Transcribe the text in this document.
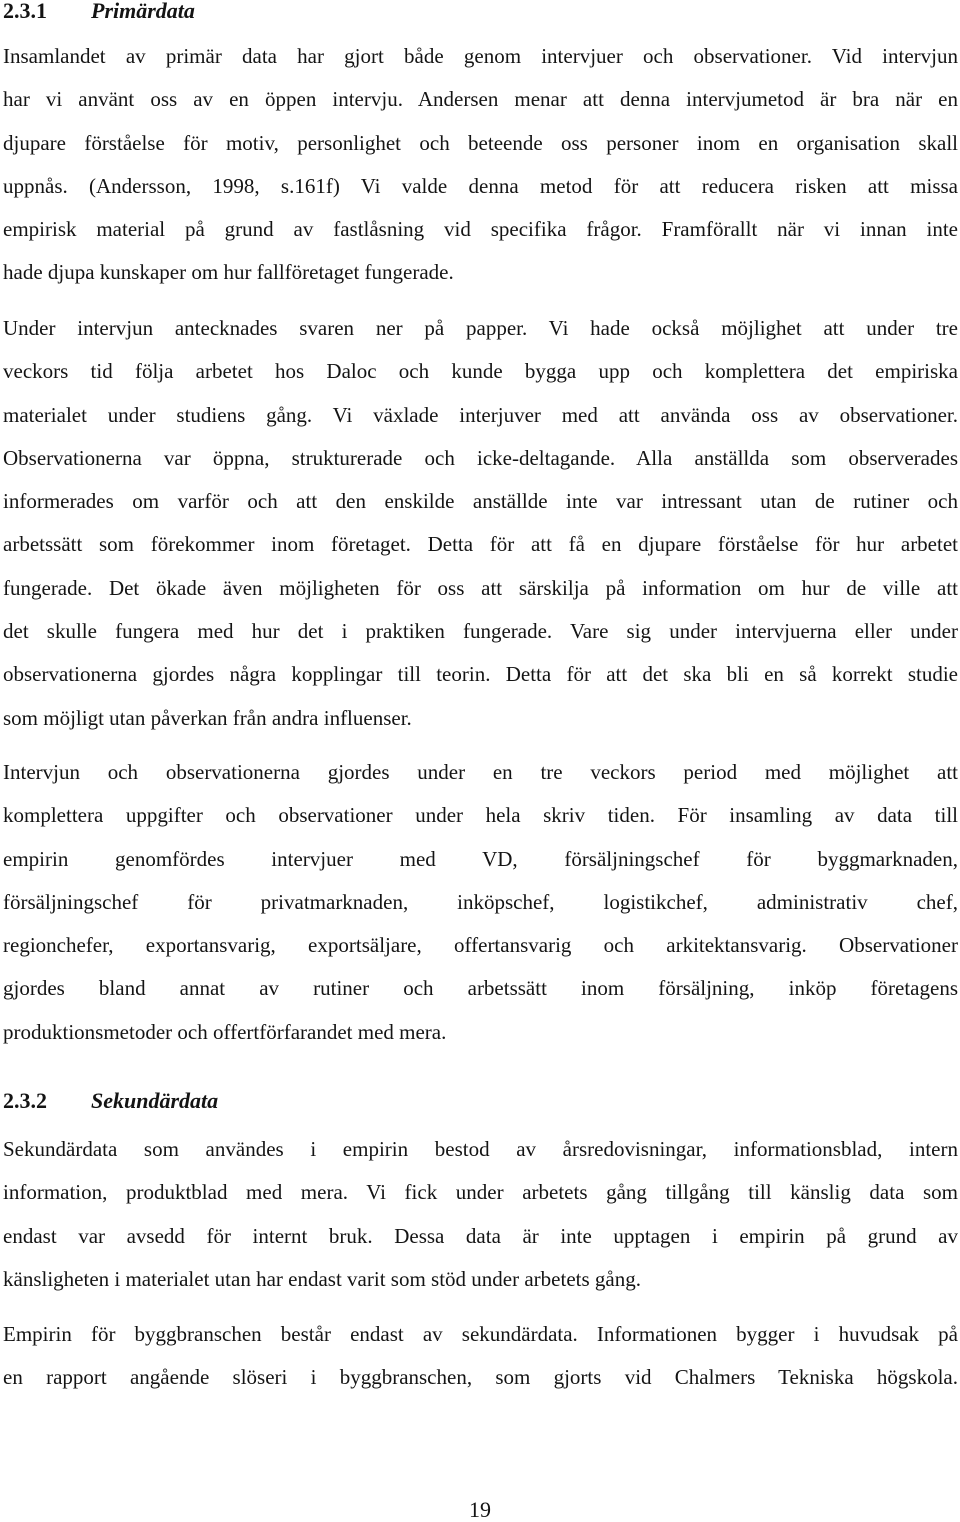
2.3.1 Primärdata

Insamlandet av primär data har gjort både genom intervjuer och observationer. Vid intervjun
har vi använt oss av en öppen intervju. Andersen menar att denna intervjumetod är bra när en
djupare förståelse för motiv, personlighet och beteende oss personer inom en organisation skall
uppnås. (Andersson, 1998, s.161f) Vi valde denna metod för att reducera risken att missa
empirisk material på grund av fastlåsning vid specifika frågor. Framförallt när vi innan inte
hade djupa kunskaper om hur fallföretaget fungerade.

Under intervjun antecknades svaren ner på papper. Vi hade också möjlighet att under tre
veckors tid följa arbetet hos Daloc och kunde bygga upp och komplettera det empiriska
materialet under studiens gång. Vi växlade interjuver med att använda oss av observationer.
Observationerna var öppna, strukturerade och icke-deltagande. Alla anställda som observerades
informerades om varför och att den enskilde anställde inte var intressant utan de rutiner och
arbetssätt som förekommer inom företaget. Detta för att få en djupare förståelse för hur arbetet
fungerade. Det ökade även möjligheten för oss att särskilja på information om hur de ville att
det skulle fungera med hur det i praktiken fungerade. Vare sig under intervjuerna eller under
observationerna gjordes några kopplingar till teorin. Detta för att det ska bli en så korrekt studie
som möjligt utan påverkan från andra influenser.

Intervjun och observationerna gjordes under en tre veckors period med möjlighet att
komplettera uppgifter och observationer under hela skriv tiden. För insamling av data till
empirin genomfördes intervjuer med VD, försäljningschef för byggmarknaden,
försäljningschef för privatmarknaden, inköpschef, logistikchef, administrativ chef,
regionchefer, exportansvarig, exportsäljare, offertansvarig och arkitektansvarig. Observationer
gjordes bland annat av rutiner och arbetssätt inom försäljning, inköp företagens
produktionsmetoder och offertförfarandet med mera.

2.3.2 Sekundärdata

Sekundärdata som användes i empirin bestod av årsredovisningar, informationsblad, intern
information, produktblad med mera. Vi fick under arbetets gång tillgång till känslig data som
endast var avsedd för internt bruk. Dessa data är inte upptagen i empirin på grund av
känsligheten i materialet utan har endast varit som stöd under arbetets gång.

Empirin för byggbranschen består endast av sekundärdata. Informationen bygger i huvudsak på
en rapport angående slöseri i byggbranschen, som gjorts vid Chalmers Tekniska högskola.

19
